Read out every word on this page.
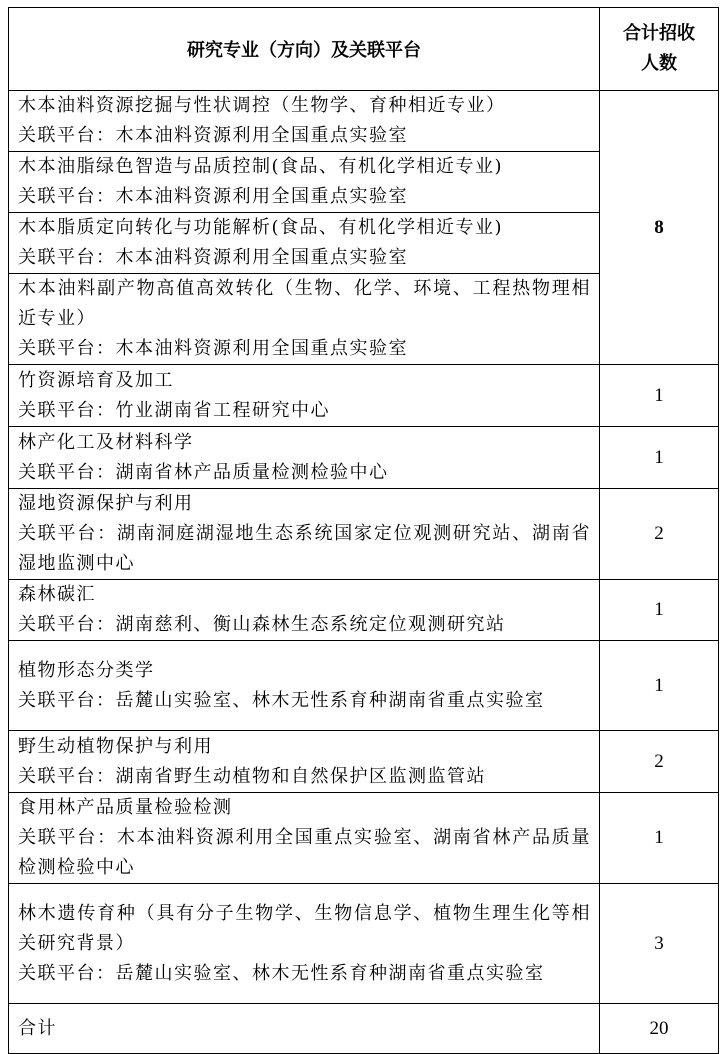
研究专业（方向）及关联平台	合计招收
人数

木本油料资源挖掘与性状调控（生物学、育种相近专业）
关联平台：木本油料资源利用全国重点实验室	8

木本油脂绿色智造与品质控制(食品、有机化学相近专业)
关联平台：木本油料资源利用全国重点实验室	

木本脂质定向转化与功能解析(食品、有机化学相近专业)
关联平台：木本油料资源利用全国重点实验室	

木本油料副产物高值高效转化（生物、化学、环境、工程热物理相近专业）
关联平台：木本油料资源利用全国重点实验室	

竹资源培育及加工
关联平台：竹业湖南省工程研究中心	1

林产化工及材料科学
关联平台：湖南省林产品质量检测检验中心	1

湿地资源保护与利用
关联平台：湖南洞庭湖湿地生态系统国家定位观测研究站、湖南省湿地监测中心	2

森林碳汇
关联平台：湖南慈利、衡山森林生态系统定位观测研究站	1

植物形态分类学
关联平台：岳麓山实验室、林木无性系育种湖南省重点实验室	1

野生动植物保护与利用
关联平台：湖南省野生动植物和自然保护区监测监管站	2

食用林产品质量检验检测
关联平台：木本油料资源利用全国重点实验室、湖南省林产品质量检测检验中心	1

林木遗传育种（具有分子生物学、生物信息学、植物生理生化等相关研究背景）
关联平台：岳麓山实验室、林木无性系育种湖南省重点实验室	3
合计	20
